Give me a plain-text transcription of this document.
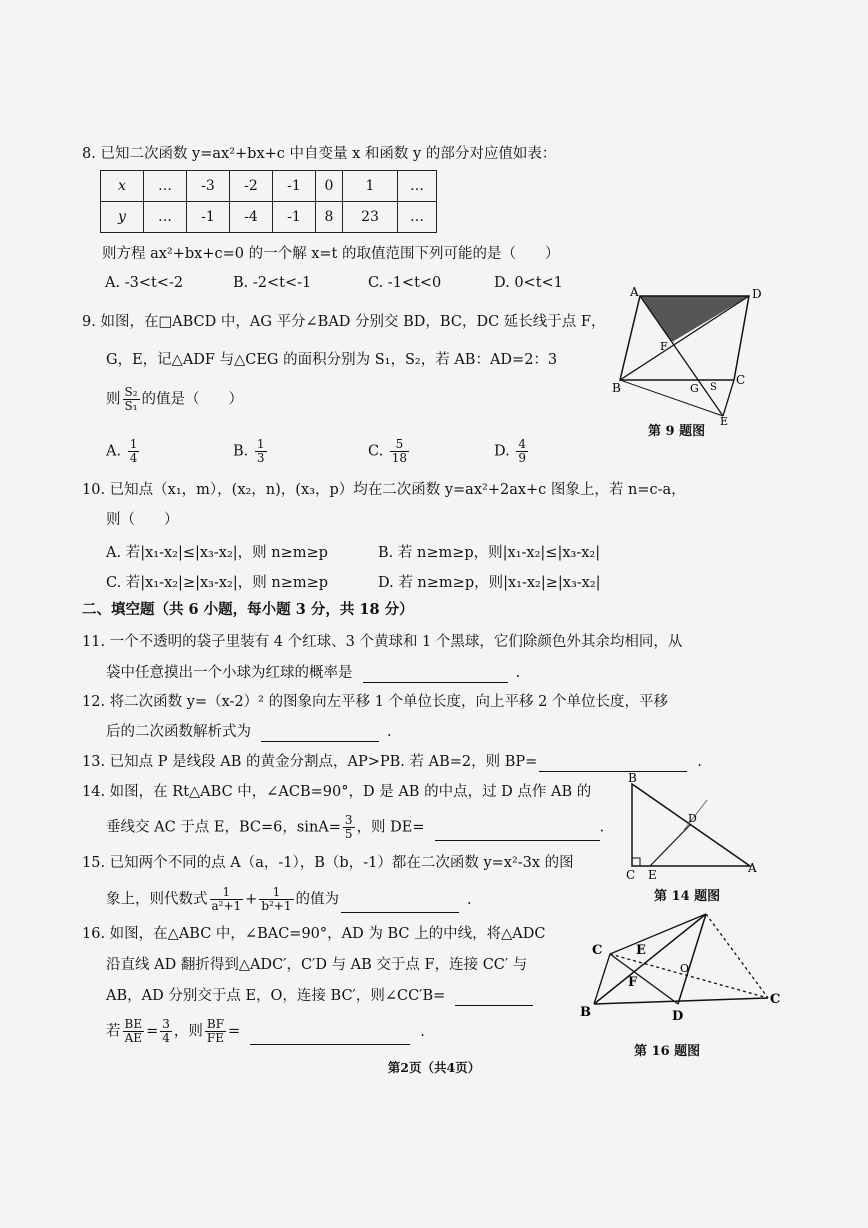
8. 已知二次函数 y=ax²+bx+c 中自变量 x 和函数 y 的部分对应值如表：
x	…	-3	-2	-1	0	1	…
y	…	-1	-4	-1	8	23	…
则方程 ax²+bx+c=0 的一个解 x=t 的取值范围下列可能的是（　　）
A. -3<t<-2	B. -2<t<-1	C. -1<t<0	D. 0<t<1
9. 如图，在□ABCD 中，AG 平分∠BAD 分别交 BD，BC，DC 延长线于点 F，
G，E，记△ADF 与△CEG 的面积分别为 S₁，S₂，若 AB：AD=2：3
则 $\frac{\text{S₂}}{\text{S₁}}$ 的值是（　　）
A. $\frac{1}{4}$	B. $\frac{1}{3}$	C. $\frac{5}{18}$	D. $\frac{4}{9}$
A	D
B
C
F
G S
E
第 9 题图
10. 已知点（x₁，m），(x₂，n)，(x₃，p）均在二次函数 y=ax²+2ax+c 图象上，若 n=c-a，
则（　　）
A. 若|x₁-x₂|≤|x₃-x₂|，则 n≥m≥p	B. 若 n≥m≥p，则|x₁-x₂|≤|x₃-x₂|
C. 若|x₁-x₂|≥|x₃-x₂|，则 n≥m≥p	D. 若 n≥m≥p，则|x₁-x₂|≥|x₃-x₂|
二、填空题（共 6 小题，每小题 3 分，共 18 分）
11. 一个不透明的袋子里装有 4 个红球、3 个黄球和 1 个黑球，它们除颜色外其余均相同，从
袋中任意摸出一个小球为红球的概率是	.
12. 将二次函数 y=（x-2）² 的图象向左平移 1 个单位长度，向上平移 2 个单位长度，平移
后的二次函数解析式为	.
13. 已知点 P 是线段 AB 的黄金分割点，AP>PB. 若 AB=2，则 BP=	.
14. 如图，在 Rt△ABC 中，∠ACB=90°，D 是 AB 的中点，过 D 点作 AB 的
垂线交 AC 于点 E，BC=6，$\sin A= \frac{3}{5}$ ，则 DE=	.
B
C E	A
D
第 14 题图
15. 已知两个不同的点 A（a，-1），B（b，-1）都在二次函数 y=x²-3x 的图
象上，则代数式 $\frac{1}{\text{a²+1}} + \frac{1}{\text{b²+1}}$ 的值为	.
16. 如图，在△ABC 中，∠BAC=90°，AD 为 BC 上的中线，将△ADC
沿直线 AD 翻折得到△ADC′，C′D 与 AB 交于点 F，连接 CC′ 与
AB，AD 分别交于点 E，O，连接 BC′，则∠CC′B=
若 $\frac{BE}{AE} = \frac{3}{4}$ ，则 $\frac{BF}{FE}$ =	.
C	E
F
O
B	D
C
第 16 题图
第2页（共4页）
